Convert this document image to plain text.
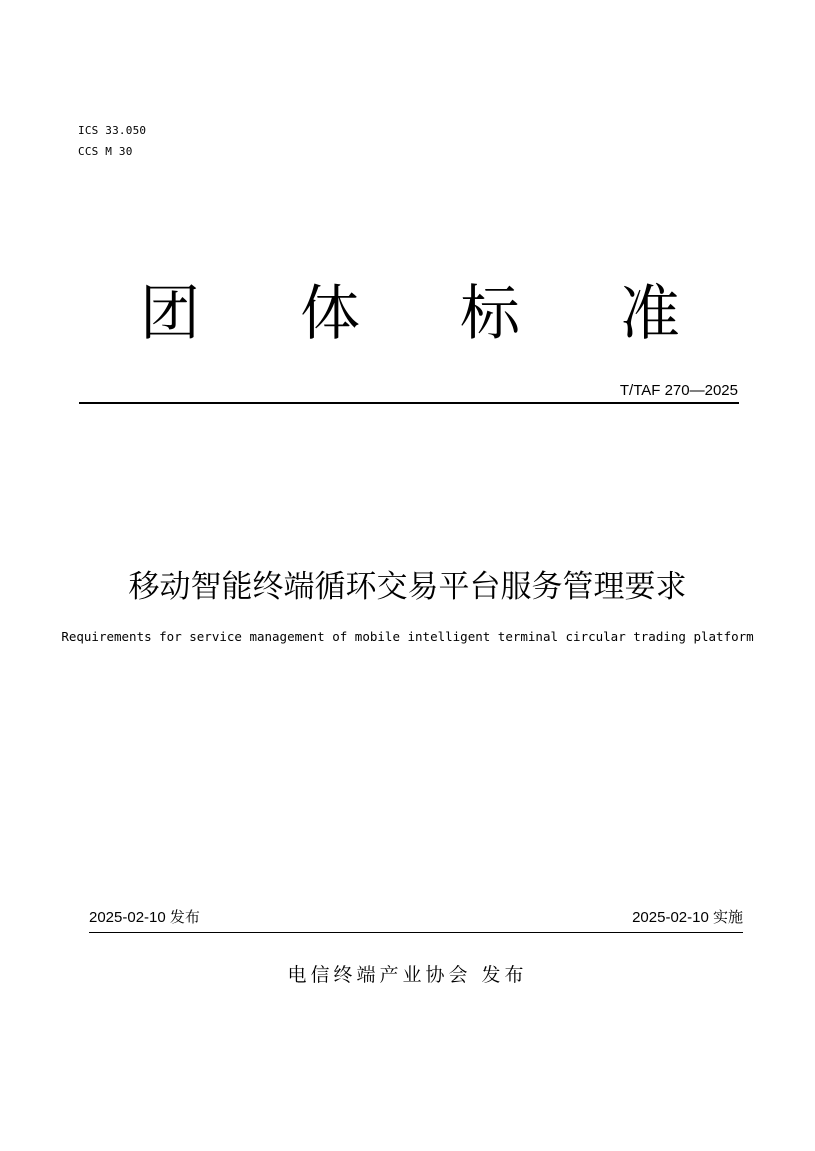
ICS 33.050
CCS M 30
团 体 标 准
T/TAF 270—2025
移动智能终端循环交易平台服务管理要求
Requirements for service management of mobile intelligent terminal circular trading platform
2025-02-10 发布	2025-02-10 实施
电信终端产业协会 发布
